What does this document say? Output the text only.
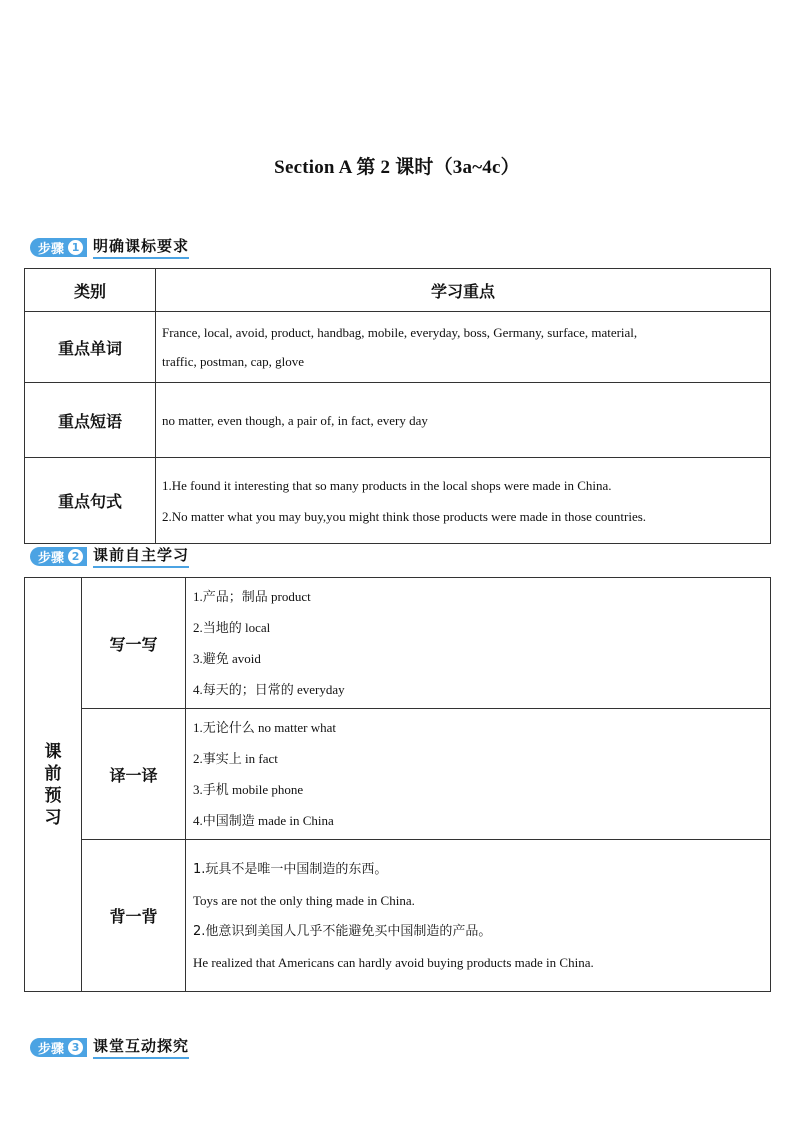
Section A 第 2 课时（3a~4c）
步骤 1 明确课标要求
类别	学习重点
重点单词	France, local, avoid, product, handbag, mobile, everyday, boss, Germany, surface, material,
traffic, postman, cap, glove

重点短语	no matter, even though, a pair of, in fact, every day

重点句式	1.He found it interesting that so many products in the local shops were made in China.
2.No matter what you may buy,you might think those products were made in those countries.
步骤 2 课前自主学习
课前预习	写一写	1.产品；制品 product
2.当地的 local
3.避免 avoid
4.每天的；日常的 everyday

	译一译	1.无论什么 no matter what
2.事实上 in fact
3.手机 mobile phone
4.中国制造 made in China

	背一背	1.玩具不是唯一中国制造的东西。
Toys are not the only thing made in China.
2.他意识到美国人几乎不能避免买中国制造的产品。
He realized that Americans can hardly avoid buying products made in China.
步骤 3 课堂互动探究
